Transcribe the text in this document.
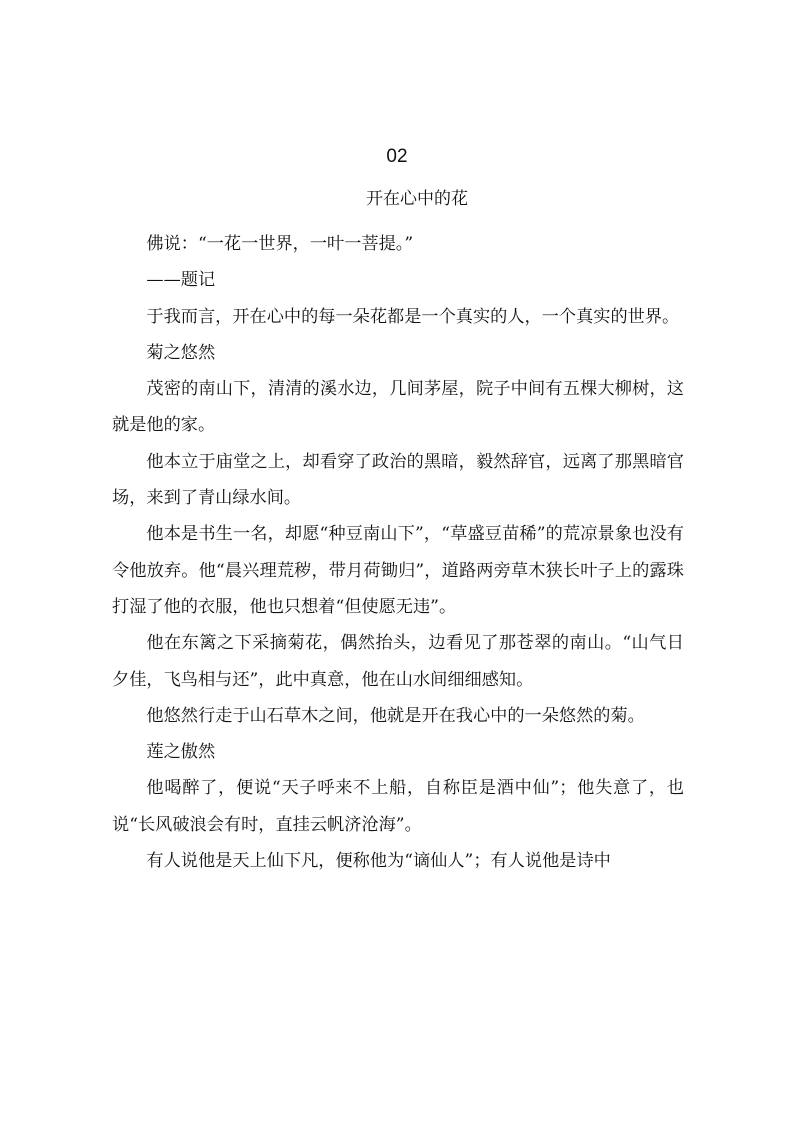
02
开在心中的花

佛说：“一花一世界，一叶一菩提。”

——题记

于我而言，开在心中的每一朵花都是一个真实的人，一个真实的世界。

菊之悠然

茂密的南山下，清清的溪水边，几间茅屋，院子中间有五棵大柳树，这就是他的家。

他本立于庙堂之上，却看穿了政治的黑暗，毅然辞官，远离了那黑暗官场，来到了青山绿水间。

他本是书生一名，却愿“种豆南山下”，“草盛豆苗稀”的荒凉景象也没有令他放弃。他“晨兴理荒秽，带月荷锄归”，道路两旁草木狭长叶子上的露珠打湿了他的衣服，他也只想着“但使愿无违”。

他在东篱之下采摘菊花，偶然抬头，边看见了那苍翠的南山。“山气日夕佳，飞鸟相与还”，此中真意，他在山水间细细感知。

他悠然行走于山石草木之间，他就是开在我心中的一朵悠然的菊。

莲之傲然

他喝醉了，便说“天子呼来不上船，自称臣是酒中仙”；他失意了，也说“长风破浪会有时，直挂云帆济沧海”。

有人说他是天上仙下凡，便称他为“谪仙人”；有人说他是诗中
